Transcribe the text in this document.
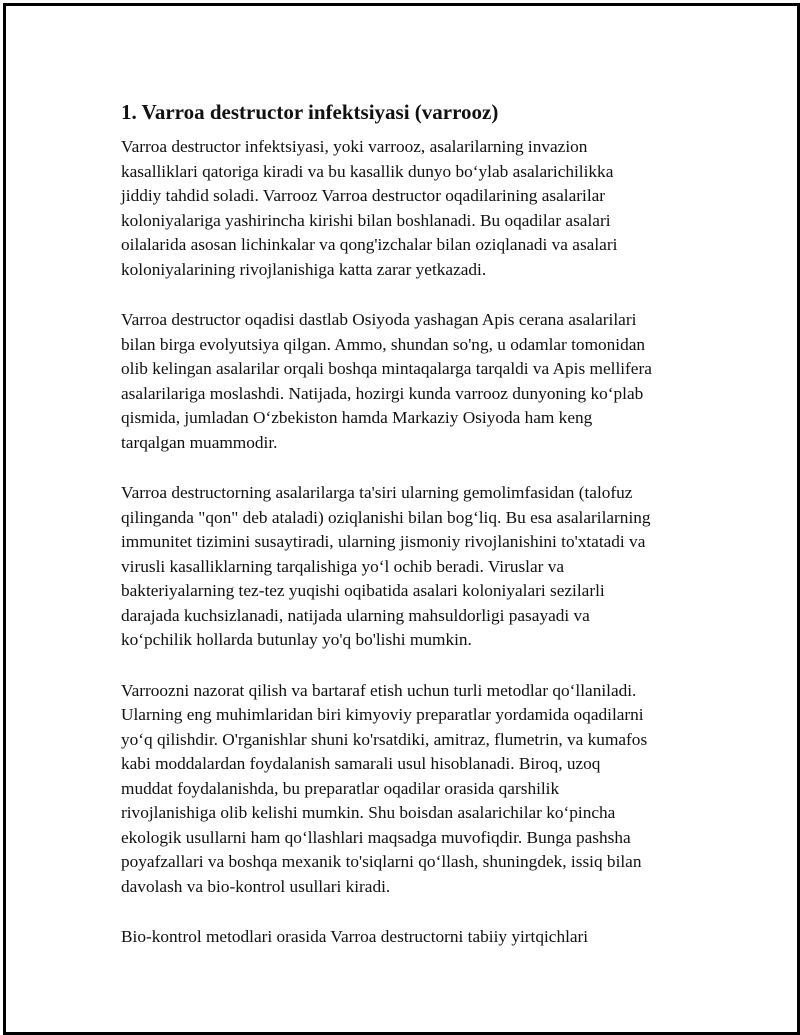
1. Varroa destructor infektsiyasi (varrooz)

Varroa destructor infektsiyasi, yoki varrooz, asalarilarning invazion
kasalliklari qatoriga kiradi va bu kasallik dunyo bo‘ylab asalarichilikka
jiddiy tahdid soladi. Varrooz Varroa destructor oqadilarining asalarilar
koloniyalariga yashirincha kirishi bilan boshlanadi. Bu oqadilar asalari
oilalarida asosan lichinkalar va qong'izchalar bilan oziqlanadi va asalari
koloniyalarining rivojlanishiga katta zarar yetkazadi.

Varroa destructor oqadisi dastlab Osiyoda yashagan Apis cerana asalarilari
bilan birga evolyutsiya qilgan. Ammo, shundan so'ng, u odamlar tomonidan
olib kelingan asalarilar orqali boshqa mintaqalarga tarqaldi va Apis mellifera
asalarilariga moslashdi. Natijada, hozirgi kunda varrooz dunyoning ko‘plab
qismida, jumladan O‘zbekiston hamda Markaziy Osiyoda ham keng
tarqalgan muammodir.

Varroa destructorning asalarilarga ta'siri ularning gemolimfasidan (talofuz
qilinganda "qon" deb ataladi) oziqlanishi bilan bog‘liq. Bu esa asalarilarning
immunitet tizimini susaytiradi, ularning jismoniy rivojlanishini to'xtatadi va
virusli kasalliklarning tarqalishiga yo‘l ochib beradi. Viruslar va
bakteriyalarning tez-tez yuqishi oqibatida asalari koloniyalari sezilarli
darajada kuchsizlanadi, natijada ularning mahsuldorligi pasayadi va
ko‘pchilik hollarda butunlay yo'q bo'lishi mumkin.

Varroozni nazorat qilish va bartaraf etish uchun turli metodlar qo‘llaniladi.
Ularning eng muhimlaridan biri kimyoviy preparatlar yordamida oqadilarni
yo‘q qilishdir. O'rganishlar shuni ko'rsatdiki, amitraz, flumetrin, va kumafos
kabi moddalardan foydalanish samarali usul hisoblanadi. Biroq, uzoq
muddat foydalanishda, bu preparatlar oqadilar orasida qarshilik
rivojlanishiga olib kelishi mumkin. Shu boisdan asalarichilar ko‘pincha
ekologik usullarni ham qo‘llashlari maqsadga muvofiqdir. Bunga pashsha
poyafzallari va boshqa mexanik to'siqlarni qo‘llash, shuningdek, issiq bilan
davolash va bio-kontrol usullari kiradi.

Bio-kontrol metodlari orasida Varroa destructorni tabiiy yirtqichlari
